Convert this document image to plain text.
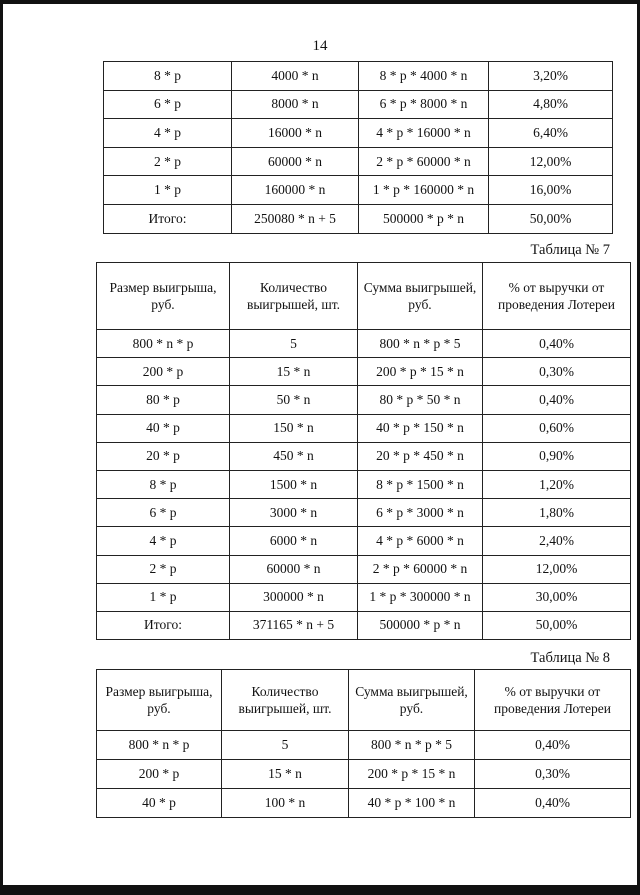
14
8 * p	4000 * n	8 * p * 4000 * n	3,20%
6 * p	8000 * n	6 * p * 8000 * n	4,80%
4 * p	16000 * n	4 * p * 16000 * n	6,40%
2 * p	60000 * n	2 * p * 60000 * n	12,00%
1 * p	160000 * n	1 * p * 160000 * n	16,00%
Итого:	250080 * n + 5	500000 * p * n	50,00%
Таблица № 7
Размер выигрыша, руб.	Количество выигрышей, шт.	Сумма выигрышей, руб.	% от выручки от проведения Лотереи
800 * n * p	5	800 * n * p * 5	0,40%
200 * p	15 * n	200 * p * 15 * n	0,30%
80 * p	50 * n	80 * p * 50 * n	0,40%
40 * p	150 * n	40 * p * 150 * n	0,60%
20 * p	450 * n	20 * p * 450 * n	0,90%
8 * p	1500 * n	8 * p * 1500 * n	1,20%
6 * p	3000 * n	6 * p * 3000 * n	1,80%
4 * p	6000 * n	4 * p * 6000 * n	2,40%
2 * p	60000 * n	2 * p * 60000 * n	12,00%
1 * p	300000 * n	1 * p * 300000 * n	30,00%
Итого:	371165 * n + 5	500000 * p * n	50,00%
Таблица № 8
Размер выигрыша, руб.	Количество выигрышей, шт.	Сумма выигрышей, руб.	% от выручки от проведения Лотереи
800 * n * p	5	800 * n * p * 5	0,40%
200 * p	15 * n	200 * p * 15 * n	0,30%
40 * p	100 * n	40 * p * 100 * n	0,40%
